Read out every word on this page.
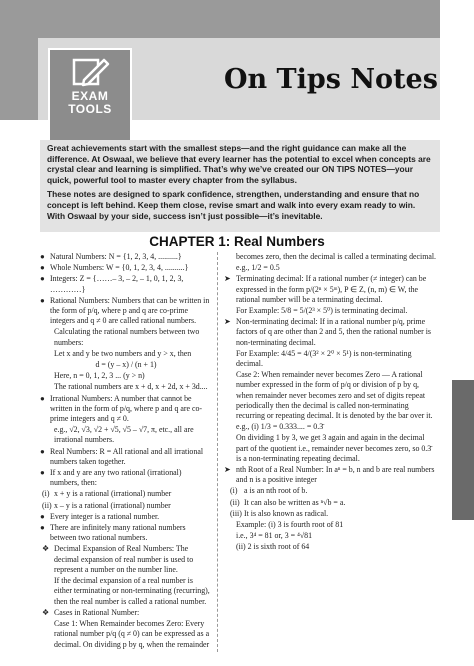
EXAM
TOOLS
On Tips Notes

Great achievements start with the smallest steps—and the right guidance can make all the difference. At Oswaal, we believe that every learner has the potential to excel when concepts are crystal clear and learning is simplified. That’s why we’ve created our ON TIPS NOTES—your quick, powerful tool to master every chapter from the syllabus.

These notes are designed to spark confidence, strengthen, understanding and ensure that no concept is left behind. Keep them close, revise smart and walk into every exam ready to win. With Oswaal by your side, success isn’t just possible—it’s inevitable.

CHAPTER 1: Real Numbers
● Natural Numbers: N = {1, 2, 3, 4, ..........}
● Whole Numbers: W = {0, 1, 2, 3, 4, ..........}
● Integers: Z = {……– 3, – 2, – 1, 0, 1, 2, 3, …………}
● Rational Numbers: Numbers that can be written in the form of p/q, where p and q are co-prime integers and q ≠ 0 are called rational numbers.
Calculating the rational numbers between two numbers:
Let x and y be two numbers and y > x, then
d = (y – x) / (n + 1)
Here, n = 0, 1, 2, 3 ... (y > n)
The rational numbers are x + d, x + 2d, x + 3d....
● Irrational Numbers: A number that cannot be written in the form of p/q, where p and q are co-prime integers and q ≠ 0.
e.g., √2, √3, √2 + √5, √5 – √7, π, etc., all are irrational numbers.
● Real Numbers: R = All rational and all irrational numbers taken together.
● If x and y are any two rational (irrational) numbers, then:
(i) x + y is a rational (irrational) number
(ii) x – y is a rational (irrational) number
● Every integer is a rational number.
● There are infinitely many rational numbers between two rational numbers.
❖ Decimal Expansion of Real Numbers: The decimal expansion of real number is used to represent a number on the number line.
If the decimal expansion of a real number is either terminating or non-terminating (recurring), then the real number is called a rational number.
❖ Cases in Rational Number:
Case 1: When Remainder becomes Zero: Every rational number p/q (q ≠ 0) can be expressed as a
decimal. On dividing p by q, when the remainder
becomes zero, then the decimal is called a terminating decimal.
e.g., 1/2 = 0.5
➤ Terminating decimal: If a rational number (≠ integer) can be expressed in the form p/(2ⁿ × 5ᵐ), P ∈ Z, (n, m) ∈ W, the rational number will be a terminating decimal.
For Example: 5/8 = 5/(2³ × 5⁰) is terminating decimal.
➤ Non-terminating decimal: If in a rational number p/q, prime factors of q are other than 2 and 5, then the rational number is non-terminating decimal.
For Example: 4/45 = 4/(3² × 2⁰ × 5¹) is non-terminating decimal.
Case 2: When remainder never becomes Zero — A rational number expressed in the form of p/q or division of p by q, when remainder never becomes zero and set of digits repeat periodically then the decimal is called non-terminating recurring or repeating decimal. It is denoted by the bar over it.
e.g., (i) 1/3 = 0.333.... = 0.3̄
On dividing 1 by 3, we get 3 again and again in the decimal part of the quotient i.e., remainder never becomes zero, so 0.3̄ is a non-terminating repeating decimal.
➤ nth Root of a Real Number: In aⁿ = b, n and b are real numbers and n is a positive integer
(i) a is an nth root of b.
(ii) It can also be written as ⁿ√b = a.
(iii) It is also known as radical.
Example: (i) 3 is fourth root of 81
i.e., 3⁴ = 81 or, 3 = ⁴√81
(ii) 2 is sixth root of 64
